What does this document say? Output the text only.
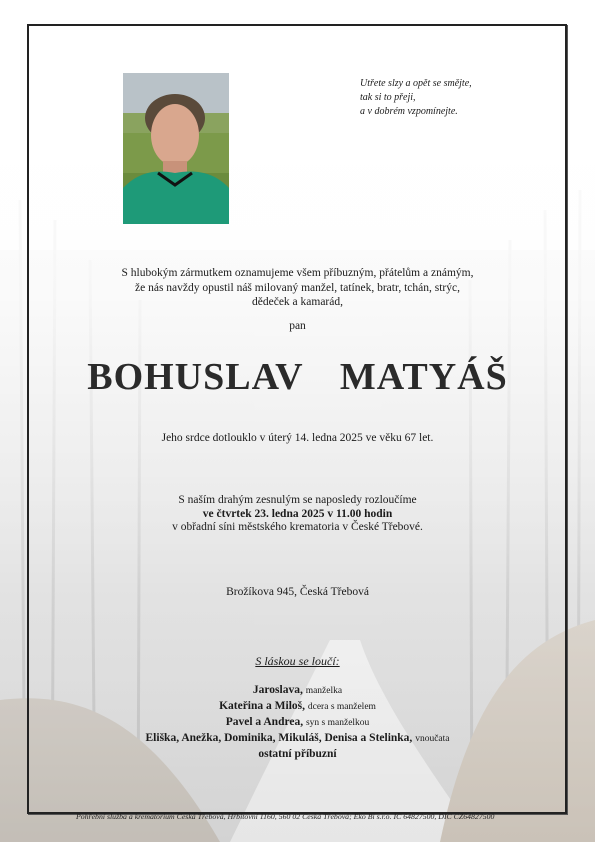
Utřete slzy a opět se smějte,
tak si to přeji,
a v dobrém vzpomínejte.
S hlubokým zármutkem oznamujeme všem příbuzným, přátelům a známým,
že nás navždy opustil náš milovaný manžel, tatínek, bratr, tchán, strýc,
dědeček a kamarád,
pan
BOHUSLAV  MATYÁŠ
Jeho srdce dotlouklo v úterý 14. ledna 2025 ve věku 67 let.
S naším drahým zesnulým se naposledy rozloučíme
ve čtvrtek 23. ledna 2025 v 11.00 hodin
v obřadní síni městského krematoria v České Třebové.
Brožíkova 945, Česká Třebová
S láskou se loučí:
Jaroslava, manželka
Kateřina a Miloš, dcera s manželem
Pavel a Andrea, syn s manželkou
Eliška, Anežka, Dominika, Mikuláš, Denisa a Stelinka, vnoučata
ostatní příbuzní
Pohřební služba a krematorium Česká Třebová, Hřbitovní 1160, 560 02 Česká Třebová; Eko Bi s.r.o. IČ 64827500, DIČ CZ64827500
